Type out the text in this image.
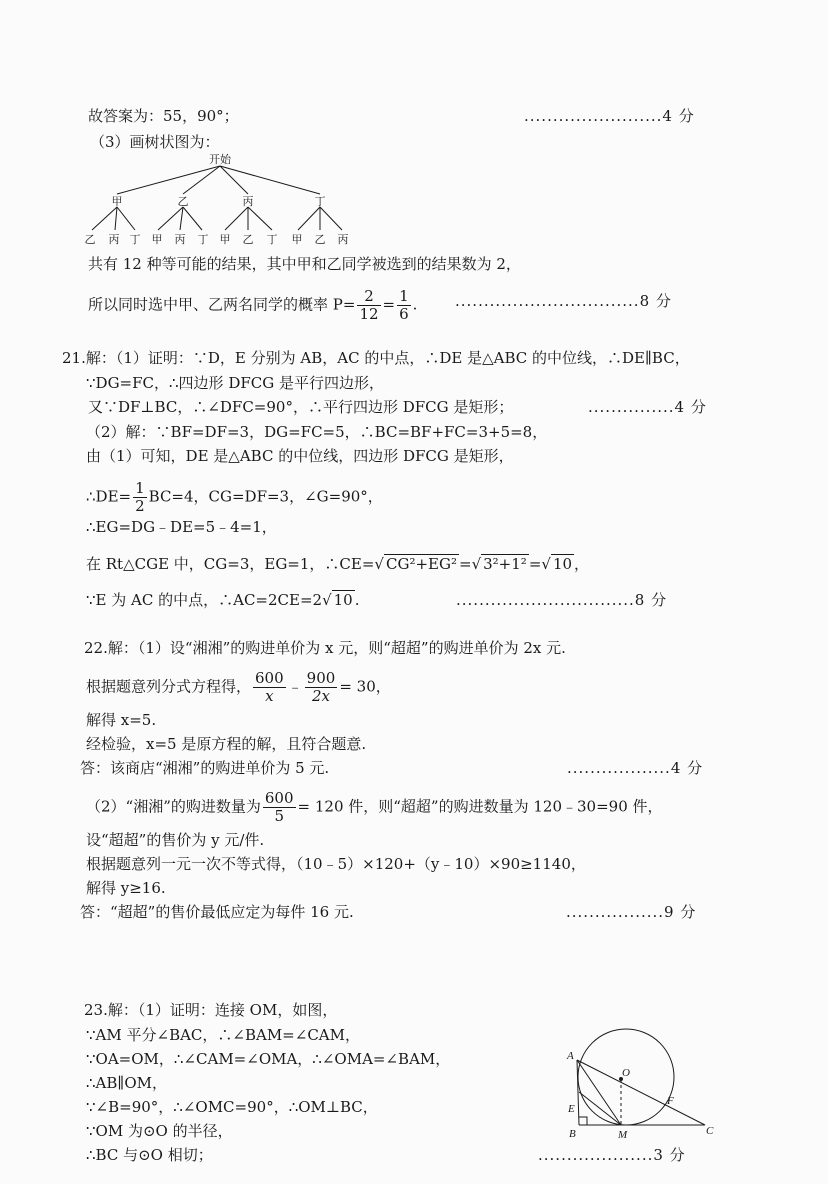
故答案为：55，90°；	........................4 分
（3）画树状图为：
开始
甲	乙	丙	丁
乙 丙 丁 甲 丙 丁 甲 乙 丁 甲 乙 丙
共有 12 种等可能的结果，其中甲和乙同学被选到的结果数为 2，
所以同时选中甲、乙两名同学的概率 $P= \frac{2}{12} = \frac{1}{6}$ .	................................8 分
21.解：（1）证明：∵D，E 分别为 AB，AC 的中点，∴DE 是△ABC 的中位线，∴DE∥BC，
∵DG=FC，∴四边形 DFCG 是平行四边形，
又∵DF⊥BC，∴∠DFC=90°，∴平行四边形 DFCG 是矩形；	...............4 分
（2）解：∵BF=DF=3，DG=FC=5，∴BC=BF+FC=3+5=8，
由（1）可知，DE 是△ABC 的中位线，四边形 DFCG 是矩形，
∴DE= $\frac{1}{2} BC=4$，CG=DF=3，∠G=90°，
∴EG=DG﹣DE=5﹣4=1，
在 Rt△CGE 中，CG=3，EG=1，∴CE=√ CG²+EG² =√ 3²+1² =√ 10 ，
∵E 为 AC 的中点，∴AC=2CE=2√ 10 .	...............................8 分
22.解：（1）设“湘湘”的购进单价为 x 元，则“超超”的购进单价为 2x 元.
根据题意列分式方程得， $\frac{600}{x}$ ﹣ $\frac{900}{2x} = 30$，
解得 x=5.
经检验，x=5 是原方程的解，且符合题意.
答：该商店“湘湘”的购进单价为 5 元.	..................4 分
（2）“湘湘”的购进数量为 $\frac{600}{5} = 120$ 件，则“超超”的购进数量为 120﹣30=90 件，
设“超超”的售价为 y 元/件.
根据题意列一元一次不等式得，（10﹣5）×120+（y﹣10）×90≥1140，
解得 y≥16.
答：“超超”的售价最低应定为每件 16 元.	.................9 分
23.解：（1）证明：连接 OM，如图，
∵AM 平分∠BAC，∴∠BAM=∠CAM，
∵OA=OM，∴∠CAM=∠OMA，∴∠OMA=∠BAM，
∴AB∥OM，
∵∠B=90°，∴∠OMC=90°，∴OM⊥BC，
∵OM 为⊙O 的半径，
∴BC 与⊙O 相切；	....................3 分
A
O
E
F
B	M	C
